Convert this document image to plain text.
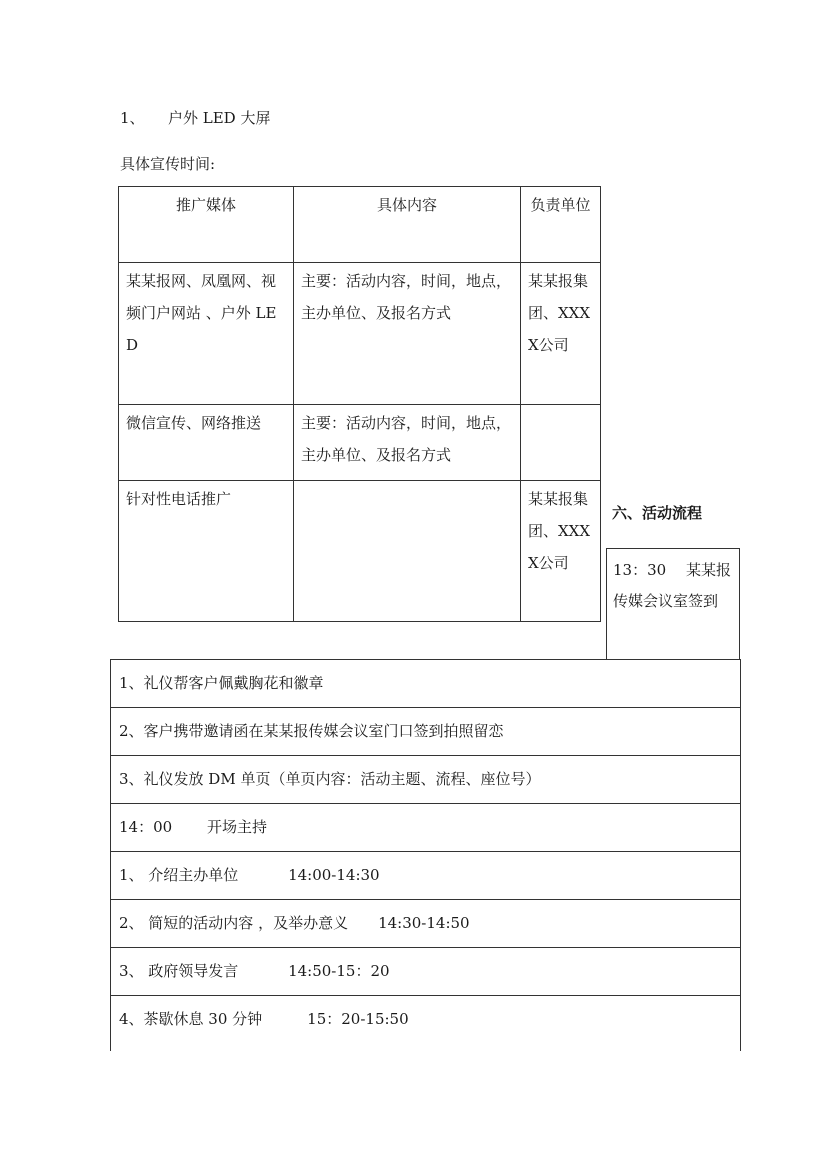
1、 户外 LED 大屏
具体宣传时间:
推广媒体	具体内容	负责单位
某某报网、凤凰网、视频门户网站 、户外 LED	主要：活动内容，时间，地点，主办单位、及报名方式	某某报集团、XXXX公司
微信宣传、网络推送	主要：活动内容，时间，地点，主办单位、及报名方式	
针对性电话推广		某某报集团、XXXX公司
六、活动流程
13：30　 某某报传媒会议室签到
1、礼仪帮客户佩戴胸花和徽章
2、客户携带邀请函在某某报传媒会议室门口签到拍照留恋
3、礼仪发放 DM 单页（单页内容：活动主题、流程、座位号）
14：00　　 开场主持
1、 介绍主办单位　　　 14:00-14:30
2、 简短的活动内容 ，及举办意义　　14:30-14:50
3、 政府领导发言　　　 14:50-15：20
4、茶歇休息 30 分钟　　　15：20-15:50
